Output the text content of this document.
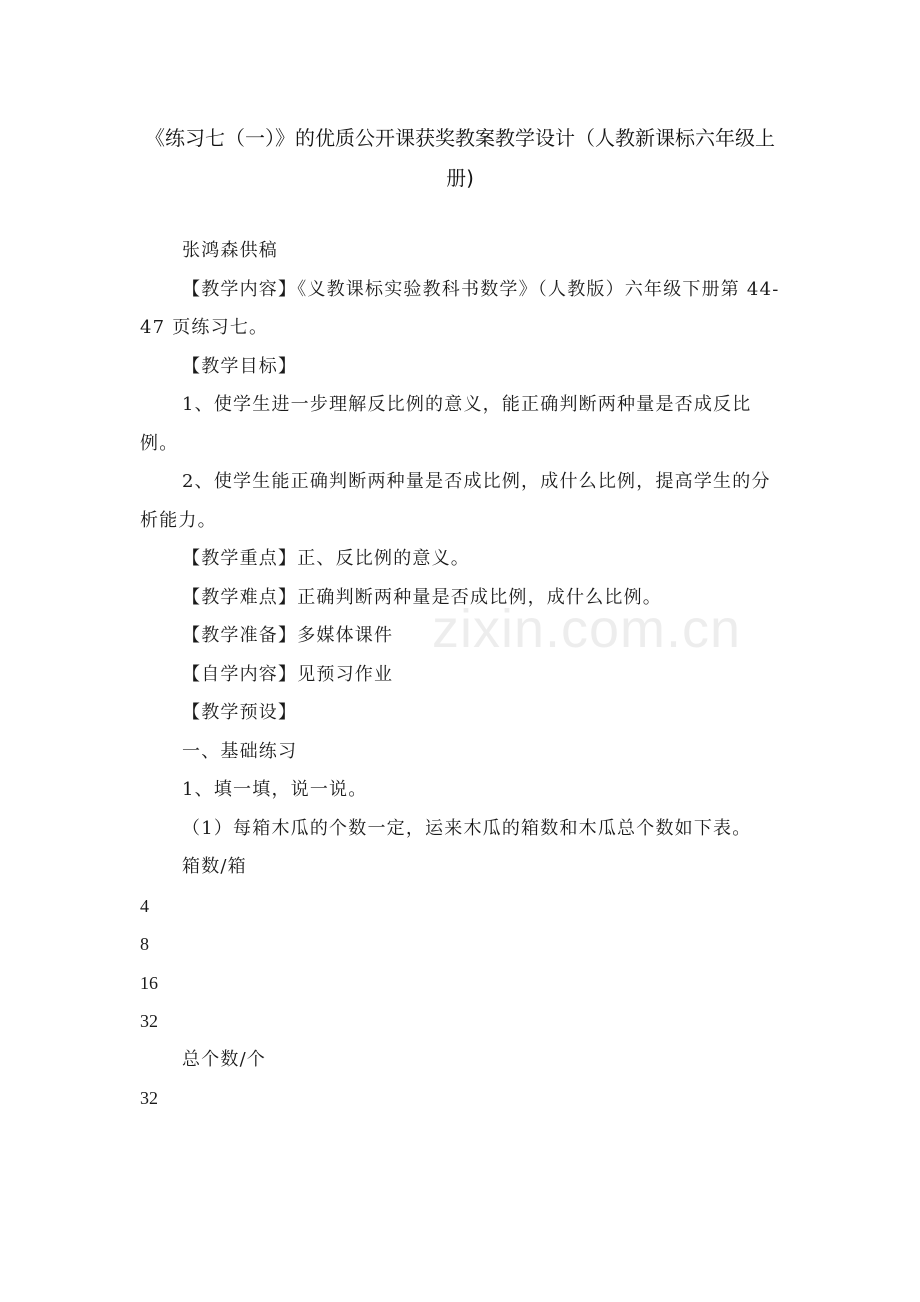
《练习七（一）》的优质公开课获奖教案教学设计（人教新课标六年级上册)

张鸿森供稿

【教学内容】《义教课标实验教科书数学》（人教版）六年级下册第 44-47 页练习七。

【教学目标】

1、使学生进一步理解反比例的意义，能正确判断两种量是否成反比例。

2、使学生能正确判断两种量是否成比例，成什么比例，提高学生的分析能力。

【教学重点】正、反比例的意义。

【教学难点】正确判断两种量是否成比例，成什么比例。

【教学准备】多媒体课件

【自学内容】见预习作业

【教学预设】

一、基础练习

1、填一填，说一说。

（1）每箱木瓜的个数一定，运来木瓜的箱数和木瓜总个数如下表。

箱数/箱

4

8

16

32

总个数/个

32

zixin.com.cn
